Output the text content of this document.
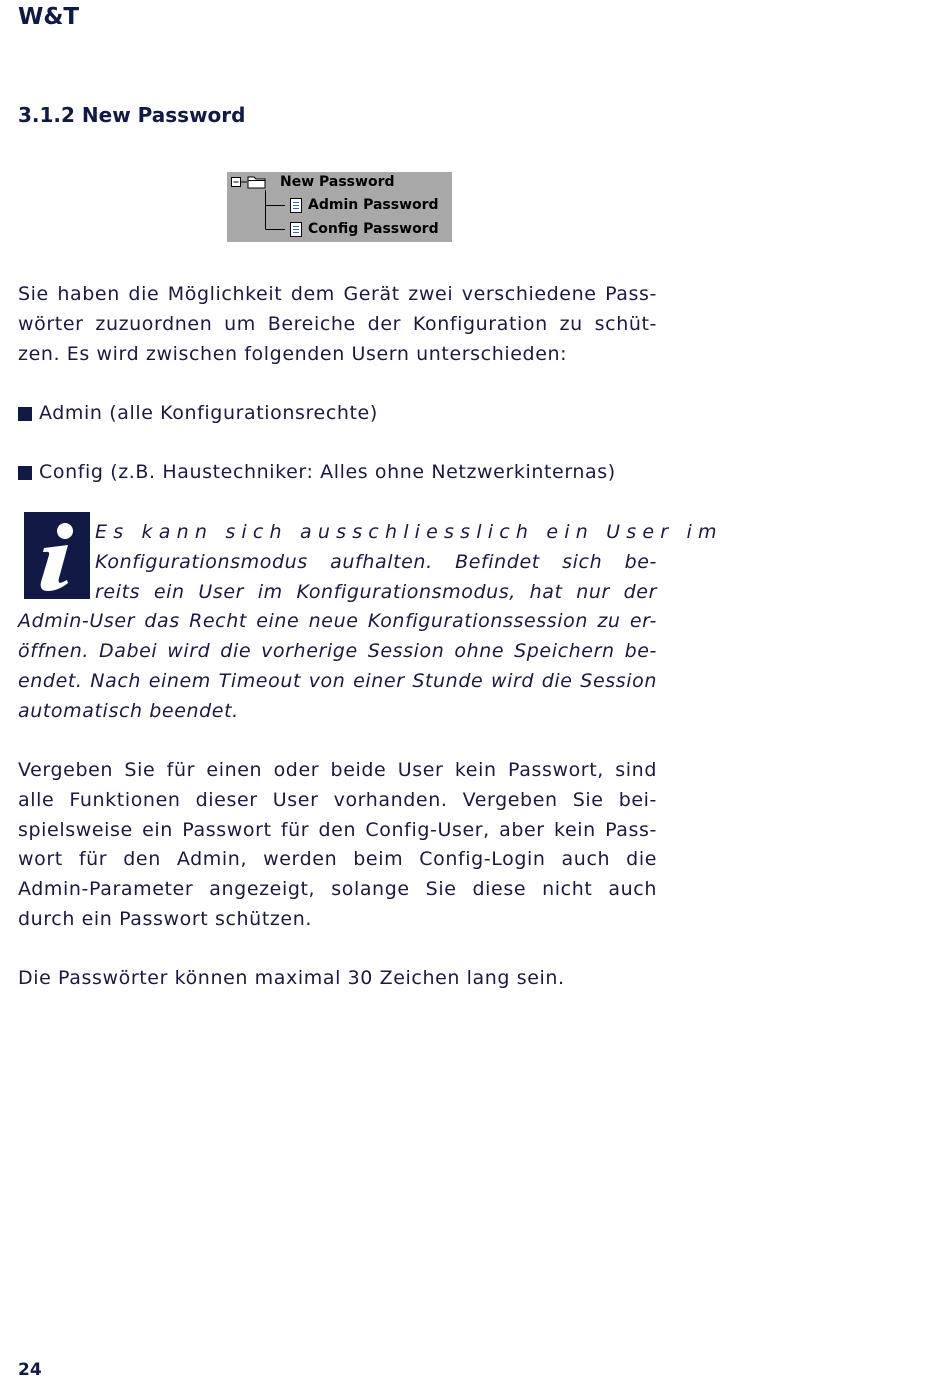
W&T
3.1.2 New Password
New Password
Admin Password
Config Password
Sie haben die Möglichkeit dem Gerät zwei verschiedene Pass-
wörter zuzuordnen um Bereiche der Konfiguration zu schüt-
zen. Es wird zwischen folgenden Usern unterschieden:
Admin (alle Konfigurationsrechte)
Config (z.B. Haustechniker: Alles ohne Netzwerkinternas)
Es kann sich ausschliesslich ein User im
Konfigurationsmodus aufhalten. Befindet sich be-
reits ein User im Konfigurationsmodus, hat nur der
Admin-User das Recht eine neue Konfigurationssession zu er-
öffnen. Dabei wird die vorherige Session ohne Speichern be-
endet. Nach einem Timeout von einer Stunde wird die Session
automatisch beendet.
Vergeben Sie für einen oder beide User kein Passwort, sind
alle Funktionen dieser User vorhanden. Vergeben Sie bei-
spielsweise ein Passwort für den Config-User, aber kein Pass-
wort für den Admin, werden beim Config-Login auch die
Admin-Parameter angezeigt, solange Sie diese nicht auch
durch ein Passwort schützen.
Die Passwörter können maximal 30 Zeichen lang sein.
24
